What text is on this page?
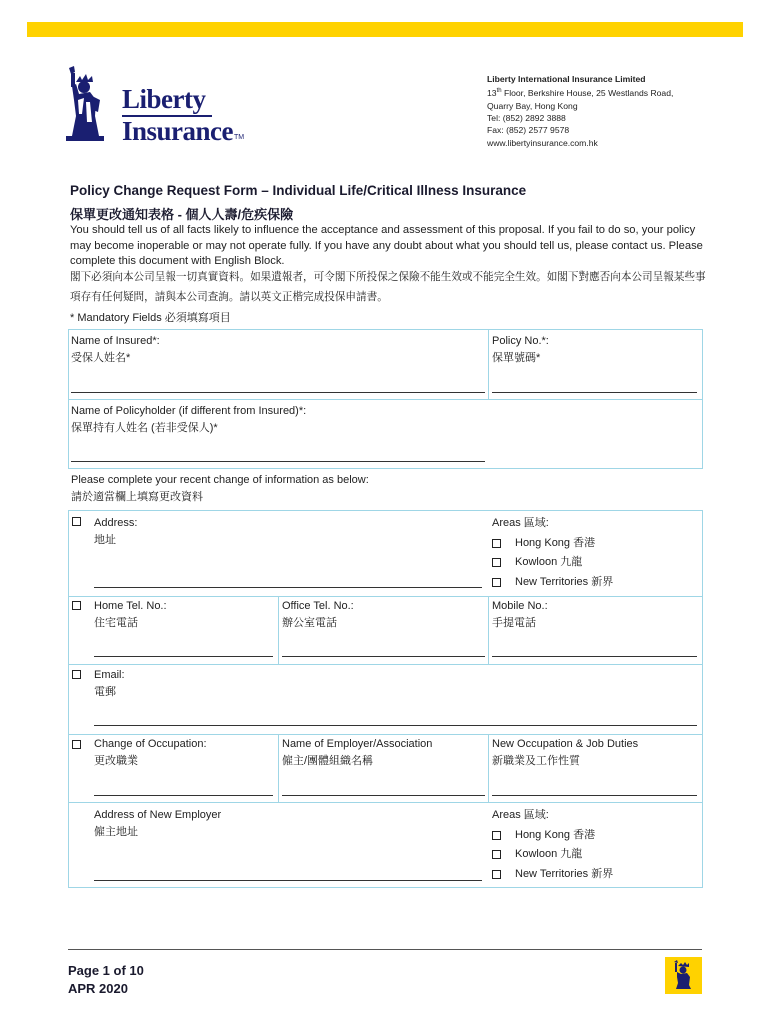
Liberty
Insurance TM
Liberty International Insurance Limited
13th Floor, Berkshire House, 25 Westlands Road,
Quarry Bay, Hong Kong
Tel: (852) 2892 3888
Fax: (852) 2577 9578
www.libertyinsurance.com.hk
Policy Change Request Form – Individual Life/Critical Illness Insurance
保單更改通知表格 - 個人人壽/危疾保險
You should tell us of all facts likely to influence the acceptance and assessment of this proposal. If you fail to do so, your policy may become inoperable or may not operate fully. If you have any doubt about what you should tell us, please contact us. Please complete this document with English Block.
閣下必須向本公司呈報一切真實資料。如果遺報者，可令閣下所投保之保險不能生效或不能完全生效。如閣下對應否向本公司呈報某些事項存有任何疑問，請與本公司查詢。請以英文正楷完成投保申請書。
* Mandatory Fields 必須填寫項目
Name of Insured*:
受保人姓名*
Policy No.*:
保單號碼*
Name of Policyholder (if different from Insured)*:
保單持有人姓名 (若非受保人)*
Please complete your recent change of information as below:
請於適當欄上填寫更改資料
Address:
地址
Areas 區域:
Hong Kong 香港
Kowloon 九龍
New Territories 新界
Home Tel. No.:
住宅電話
Office Tel. No.:
辦公室電話
Mobile No.:
手提電話
Email:
電郵
Change of Occupation:
更改職業
Name of Employer/Association
僱主/團體組織名稱
New Occupation & Job Duties
新職業及工作性質
Address of New Employer
僱主地址
Areas 區域:
Hong Kong 香港
Kowloon 九龍
New Territories 新界
Page 1 of 10
APR 2020
